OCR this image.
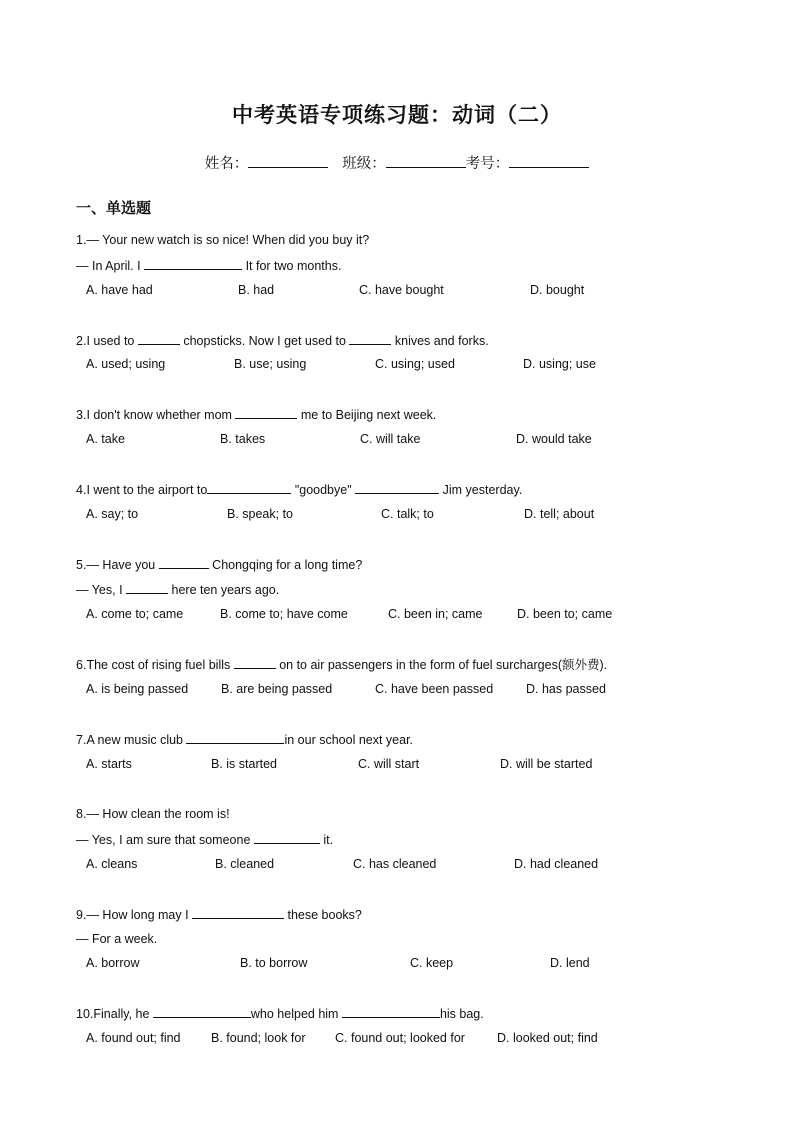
中考英语专项练习题：动词（二）
姓名：	班级：	考号：
一、单选题
1.— Your new watch is so nice! When did you buy it?
— In April. I	It for two months.
A. have had	B. had	C. have bought	D. bought
2.I used to	chopsticks. Now I get used to	knives and forks.
A. used; using	B. use; using	C. using; used	D. using; use
3.I don't know whether mom	me to Beijing next week.
A. take	B. takes	C. will take	D. would take
4.I went to the airport to	"goodbye"	Jim yesterday.
A. say; to	B. speak; to	C. talk; to	D. tell; about
5.— Have you	Chongqing for a long time?
— Yes, I	here ten years ago.
A. come to; came	B. come to; have come	C. been in; came	D. been to; came
6.The cost of rising fuel bills	on to air passengers in the form of fuel surcharges(额外费).
A. is being passed	B. are being passed	C. have been passed	D. has passed
7.A new music club	in our school next year.
A. starts	B. is started	C. will start	D. will be started
8.— How clean the room is!
— Yes, I am sure that someone	it.
A. cleans	B. cleaned	C. has cleaned	D. had cleaned
9.— How long may I	these books?
— For a week.
A. borrow	B. to borrow	C. keep	D. lend
10.Finally, he	who helped him	his bag.
A. found out; find B. found; look for C. found out; looked for	D. looked out; find
